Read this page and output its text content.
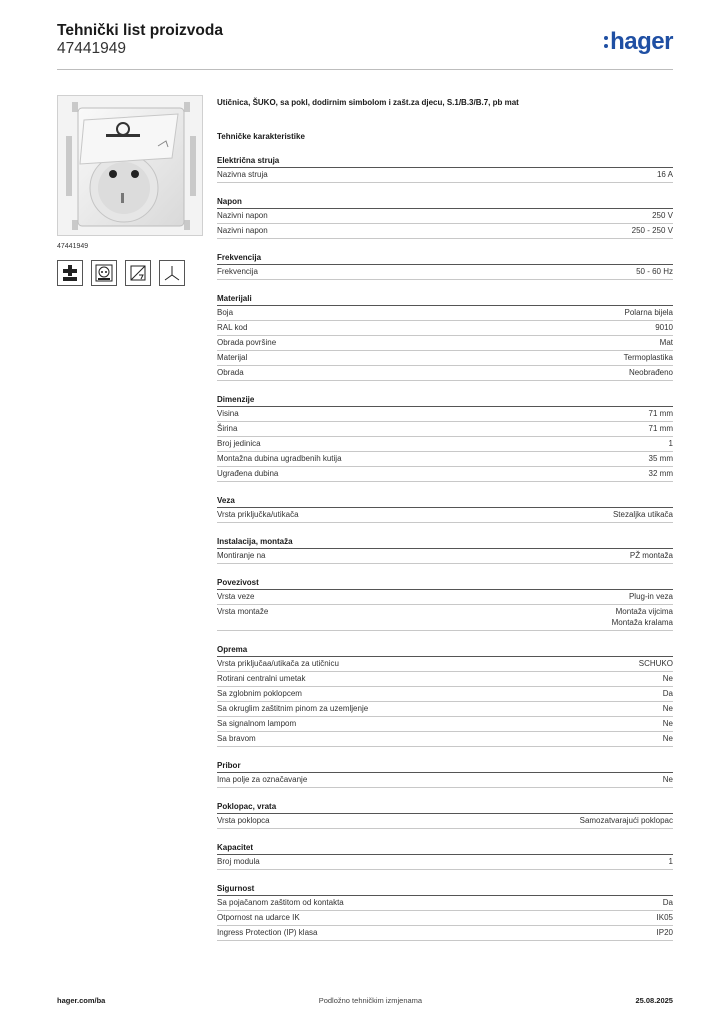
Tehnički list proizvoda
47441949	hager
47441949
Utičnica, ŠUKO, sa pokl, dodirnim simbolom i zašt.za djecu, S.1/B.3/B.7, pb mat
Tehničke karakteristike
Električna struja
Nazivna struja	16 A
Napon
Nazivni napon	250 V
Nazivni napon	250 - 250 V
Frekvencija
Frekvencija	50 - 60 Hz
Materijali
Boja	Polarna bijela
RAL kod	9010
Obrada površine	Mat
Materijal	Termoplastika
Obrada	Neobrađeno
Dimenzije
Visina	71 mm
Širina	71 mm
Broj jedinica	1
Montažna dubina ugradbenih kutija	35 mm
Ugrađena dubina	32 mm
Veza
Vrsta priključka/utikača	Stezaljka utikača
Instalacija, montaža
Montiranje na	PŽ montaža
Povezivost
Vrsta veze	Plug-in veza
Vrsta montaže	Montaža vijcima
Montaža kralama
Oprema
Vrsta priključaa/utikača za utičnicu	SCHUKO
Rotirani centralni umetak	Ne
Sa zglobnim poklopcem	Da
Sa okruglim zaštitnim pinom za uzemljenje	Ne
Sa signalnom lampom	Ne
Sa bravom	Ne
Pribor
Ima polje za označavanje	Ne
Poklopac, vrata
Vrsta poklopca	Samozatvarajući poklopac
Kapacitet
Broj modula	1
Sigurnost
Sa pojačanom zaštitom od kontakta	Da
Otpornost na udarce IK	IK05
Ingress Protection (IP) klasa	IP20
hager.com/ba	Podložno tehničkim izmjenama	25.08.2025
